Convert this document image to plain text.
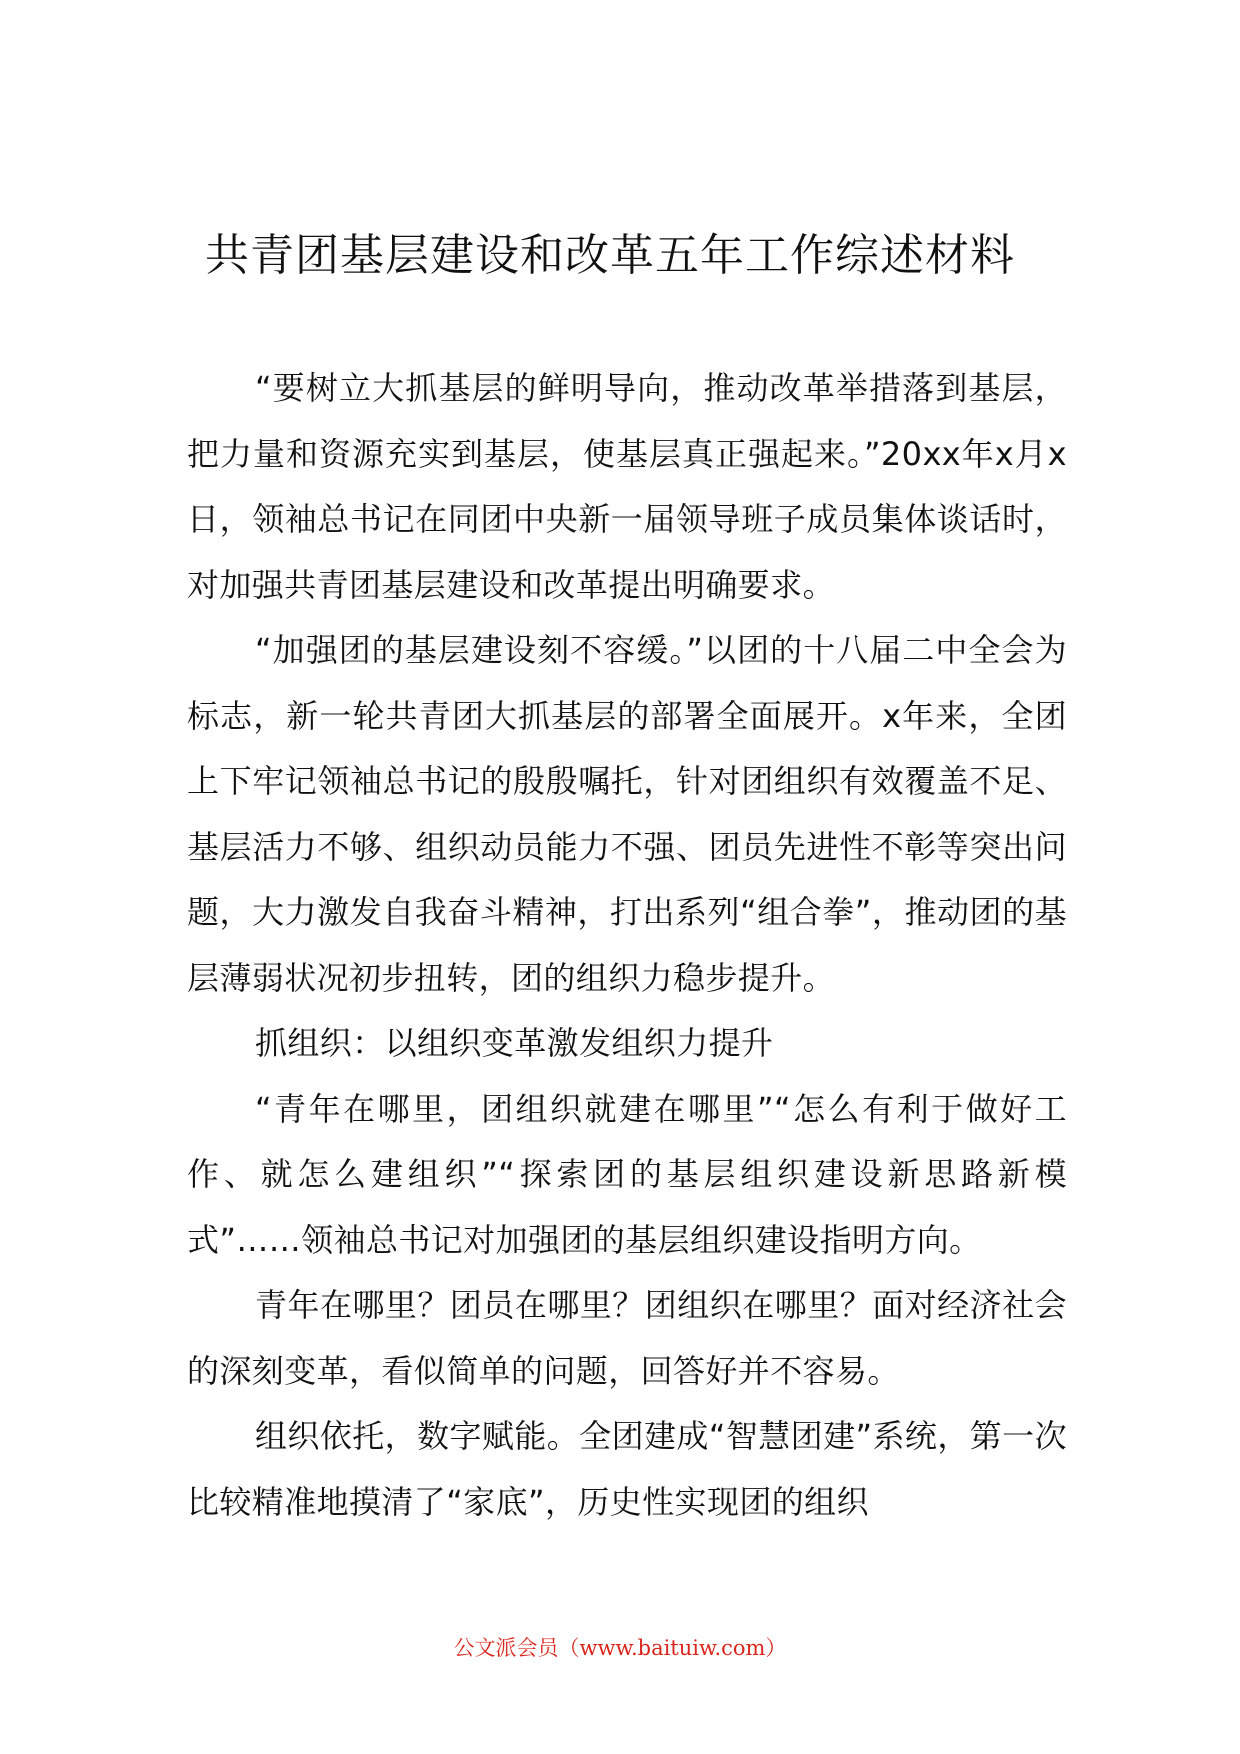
共青团基层建设和改革五年工作综述材料

“要树立大抓基层的鲜明导向，推动改革举措落到基层，把力量和资源充实到基层，使基层真正强起来。”20xx年x月x日，领袖总书记在同团中央新一届领导班子成员集体谈话时，对加强共青团基层建设和改革提出明确要求。

“加强团的基层建设刻不容缓。”以团的十八届二中全会为标志，新一轮共青团大抓基层的部署全面展开。x年来，全团上下牢记领袖总书记的殷殷嘱托，针对团组织有效覆盖不足、基层活力不够、组织动员能力不强、团员先进性不彰等突出问题，大力激发自我奋斗精神，打出系列“组合拳”，推动团的基层薄弱状况初步扭转，团的组织力稳步提升。

抓组织：以组织变革激发组织力提升

“青年在哪里，团组织就建在哪里”“怎么有利于做好工作、就怎么建组织”“探索团的基层组织建设新思路新模式”……领袖总书记对加强团的基层组织建设指明方向。

青年在哪里？团员在哪里？团组织在哪里？面对经济社会的深刻变革，看似简单的问题，回答好并不容易。

组织依托，数字赋能。全团建成“智慧团建”系统，第一次比较精准地摸清了“家底”，历史性实现团的组织

公文派会员（www.baituiw.com）
